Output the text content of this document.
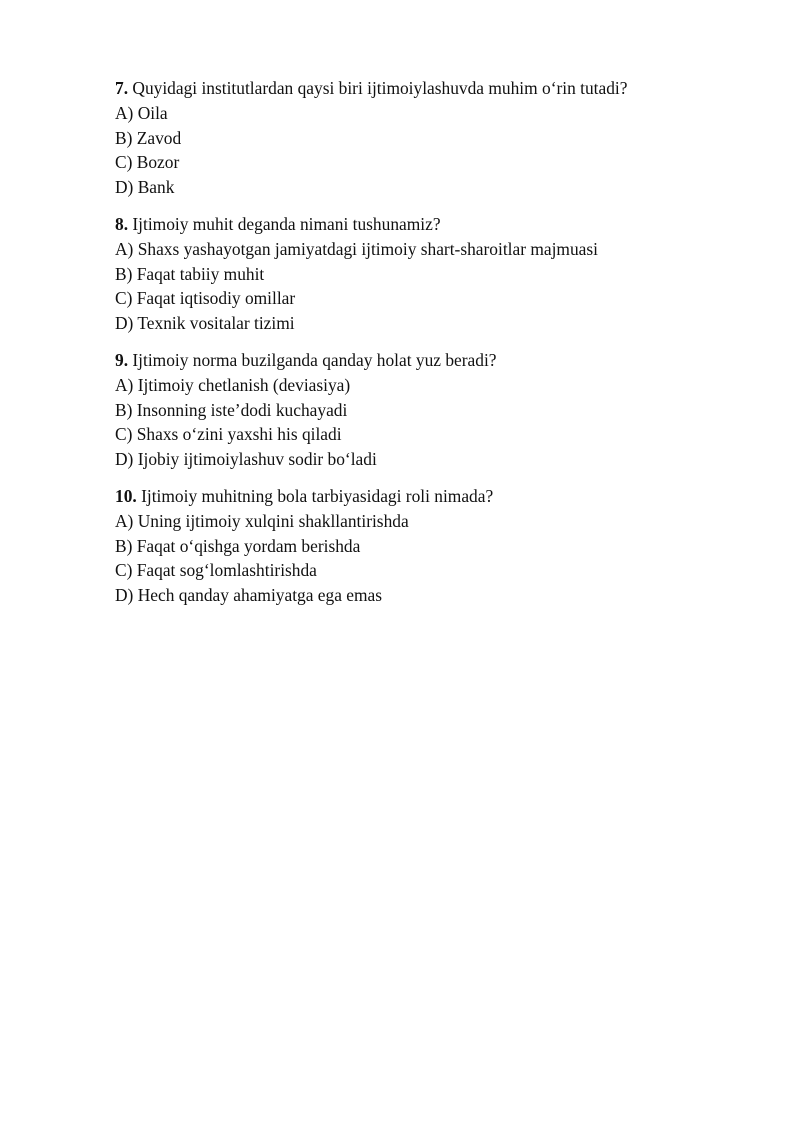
7. Quyidagi institutlardan qaysi biri ijtimoiylashuvda muhim o‘rin tutadi?
A) Oila
B) Zavod
C) Bozor
D) Bank
8. Ijtimoiy muhit deganda nimani tushunamiz?
A) Shaxs yashayotgan jamiyatdagi ijtimoiy shart-sharoitlar majmuasi
B) Faqat tabiiy muhit
C) Faqat iqtisodiy omillar
D) Texnik vositalar tizimi
9. Ijtimoiy norma buzilganda qanday holat yuz beradi?
A) Ijtimoiy chetlanish (deviasiya)
B) Insonning iste’dodi kuchayadi
C) Shaxs o‘zini yaxshi his qiladi
D) Ijobiy ijtimoiylashuv sodir bo‘ladi
10. Ijtimoiy muhitning bola tarbiyasidagi roli nimada?
A) Uning ijtimoiy xulqini shakllantirishda
B) Faqat o‘qishga yordam berishda
C) Faqat sog‘lomlashtirishda
D) Hech qanday ahamiyatga ega emas
